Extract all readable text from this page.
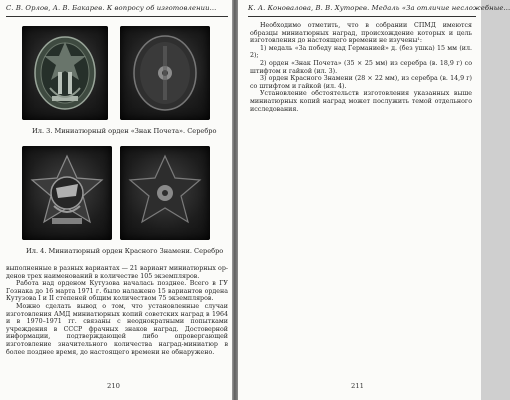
С. В. Орлов, А. В. Бакарев. К вопросу об изготовлении...
Ил. 3. Миниатюрный орден «Знак Почета». Серебро
Ил. 4. Миниатюрный орден Красного Знамени. Серебро

выполненные в разных вариантах — 21 вариант миниатюрных орденов трех наименований в количестве 105 экземпляров.

Работа над орденом Кутузова началась позднее. Всего в ГУ Гознака до 16 марта 1971 г. было налажено 15 вариантов ордена Кутузова I и II степеней общим количеством 75 экземпляров.

Можно сделать вывод о том, что установленные случаи изготовления АМД миниатюрных копий советских наград в 1964 и в 1970–1971 гг. связаны с неоднократными попытками учреждения в СССР фрачных знаков наград. Достоверной информации, подтверждающей либо опровергающей изготовление значительного количества наград-миниатюр в более позднее время, до настоящего времени не обнаружено.

210
К. А. Коновалова, В. В. Хуторев. Медаль «За отличие несложебные...

Необходимо отметить, что в собрании СПМД имеются образцы миниатюрных наград, происхождение которых и цель изготовления до настоящего времени не изучены¹:

1) медаль «За победу над Германией» д. (без ушка) 15 мм (ил. 2);

2) орден «Знак Почета» (35 × 25 мм) из серебра (в. 18,9 г) со штифтом и гайкой (ил. 3).

3) орден Красного Знамени (28 × 22 мм), из серебра (в. 14,9 г) со штифтом и гайкой (ил. 4).

Установление обстоятельств изготовления указанных выше миниатюрных копий наград может послужить темой отдельного исследования.

211
